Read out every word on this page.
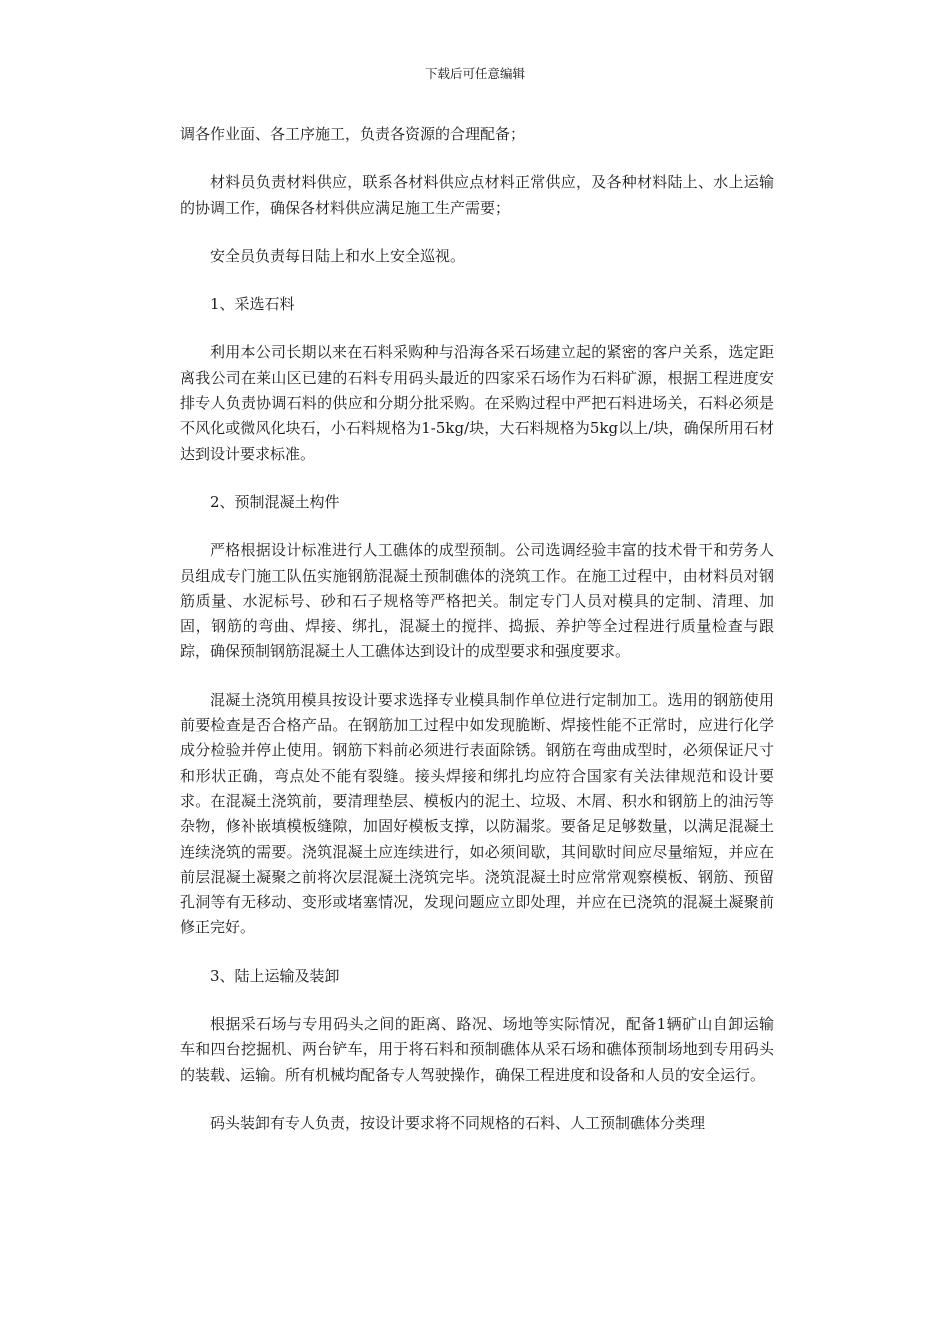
下载后可任意编辑

调各作业面、各工序施工，负责各资源的合理配备；

材料员负责材料供应，联系各材料供应点材料正常供应，及各种材料陆上、水上运输的协调工作，确保各材料供应满足施工生产需要；

安全员负责每日陆上和水上安全巡视。

1、采选石料

利用本公司长期以来在石料采购种与沿海各采石场建立起的紧密的客户关系，选定距离我公司在莱山区已建的石料专用码头最近的四家采石场作为石料矿源，根据工程进度安排专人负责协调石料的供应和分期分批采购。在采购过程中严把石料进场关，石料必须是不风化或微风化块石，小石料规格为1-5kg/块，大石料规格为5kg以上/块，确保所用石材达到设计要求标准。

2、预制混凝土构件

严格根据设计标准进行人工礁体的成型预制。公司选调经验丰富的技术骨干和劳务人员组成专门施工队伍实施钢筋混凝土预制礁体的浇筑工作。在施工过程中，由材料员对钢筋质量、水泥标号、砂和石子规格等严格把关。制定专门人员对模具的定制、清理、加固，钢筋的弯曲、焊接、绑扎，混凝土的搅拌、捣振、养护等全过程进行质量检查与跟踪，确保预制钢筋混凝土人工礁体达到设计的成型要求和强度要求。

混凝土浇筑用模具按设计要求选择专业模具制作单位进行定制加工。选用的钢筋使用前要检查是否合格产品。在钢筋加工过程中如发现脆断、焊接性能不正常时，应进行化学成分检验并停止使用。钢筋下料前必须进行表面除锈。钢筋在弯曲成型时，必须保证尺寸和形状正确，弯点处不能有裂缝。接头焊接和绑扎均应符合国家有关法律规范和设计要求。在混凝土浇筑前，要清理垫层、模板内的泥土、垃圾、木屑、积水和钢筋上的油污等杂物，修补嵌填模板缝隙，加固好模板支撑，以防漏浆。要备足足够数量，以满足混凝土连续浇筑的需要。浇筑混凝土应连续进行，如必须间歇，其间歇时间应尽量缩短，并应在前层混凝土凝聚之前将次层混凝土浇筑完毕。浇筑混凝土时应常常观察模板、钢筋、预留孔洞等有无移动、变形或堵塞情况，发现问题应立即处理，并应在已浇筑的混凝土凝聚前修正完好。

3、陆上运输及装卸

根据采石场与专用码头之间的距离、路况、场地等实际情况，配备1辆矿山自卸运输车和四台挖掘机、两台铲车，用于将石料和预制礁体从采石场和礁体预制场地到专用码头的装载、运输。所有机械均配备专人驾驶操作，确保工程进度和设备和人员的安全运行。

码头装卸有专人负责，按设计要求将不同规格的石料、人工预制礁体分类理
